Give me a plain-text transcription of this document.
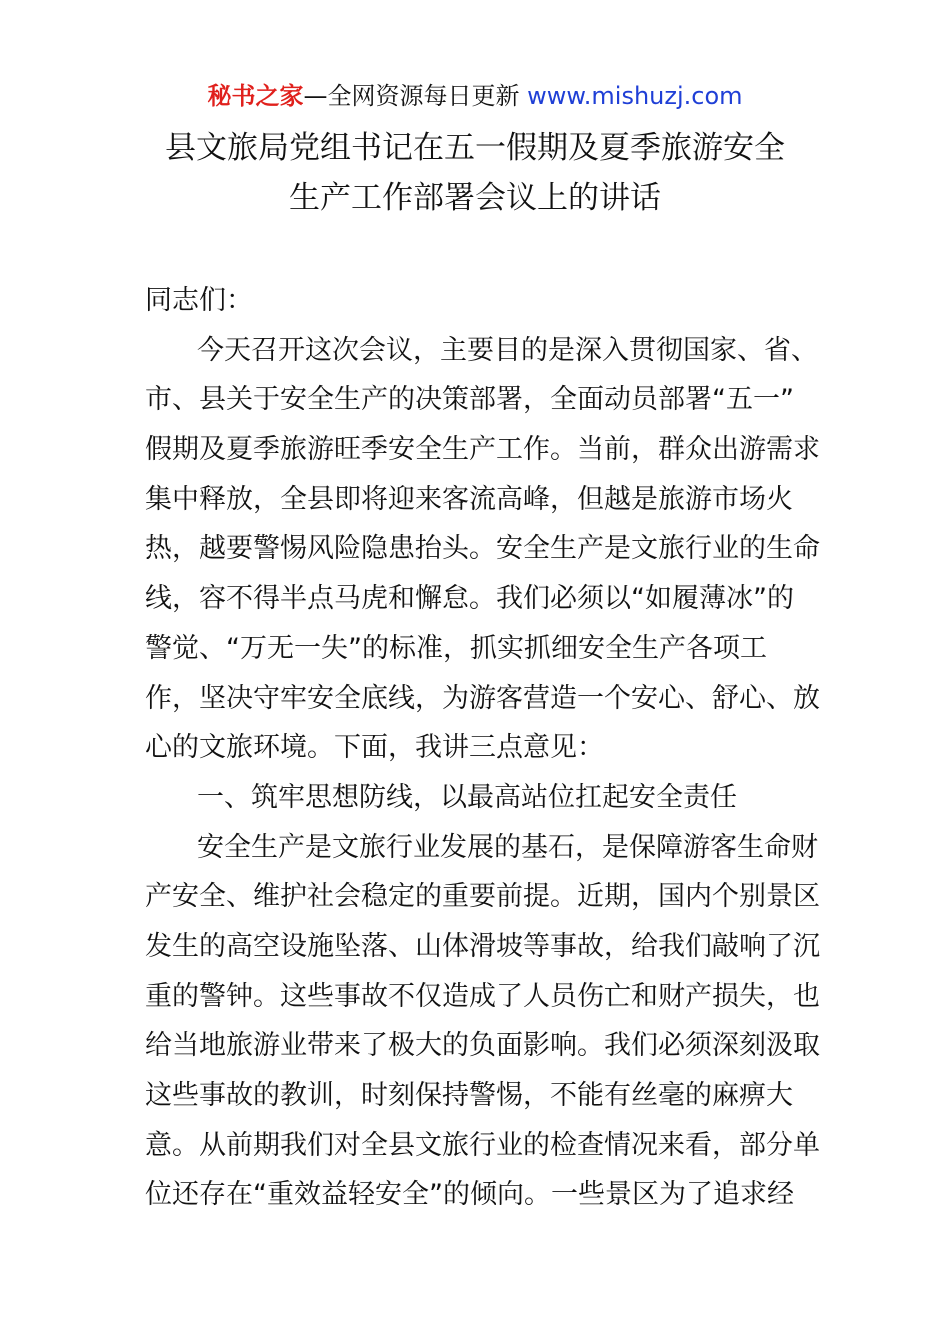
秘书之家—全网资源每日更新 www.mishuzj.com
县文旅局党组书记在五一假期及夏季旅游安全
生产工作部署会议上的讲话
同志们：
今天召开这次会议，主要目的是深入贯彻国家、省、
市、县关于安全生产的决策部署，全面动员部署“五一”
假期及夏季旅游旺季安全生产工作。当前，群众出游需求
集中释放，全县即将迎来客流高峰，但越是旅游市场火
热，越要警惕风险隐患抬头。安全生产是文旅行业的生命
线，容不得半点马虎和懈怠。我们必须以“如履薄冰”的
警觉、“万无一失”的标准，抓实抓细安全生产各项工
作，坚决守牢安全底线，为游客营造一个安心、舒心、放
心的文旅环境。下面，我讲三点意见：
一、筑牢思想防线，以最高站位扛起安全责任
安全生产是文旅行业发展的基石，是保障游客生命财
产安全、维护社会稳定的重要前提。近期，国内个别景区
发生的高空设施坠落、山体滑坡等事故，给我们敲响了沉
重的警钟。这些事故不仅造成了人员伤亡和财产损失，也
给当地旅游业带来了极大的负面影响。我们必须深刻汲取
这些事故的教训，时刻保持警惕，不能有丝毫的麻痹大
意。从前期我们对全县文旅行业的检查情况来看，部分单
位还存在“重效益轻安全”的倾向。一些景区为了追求经
